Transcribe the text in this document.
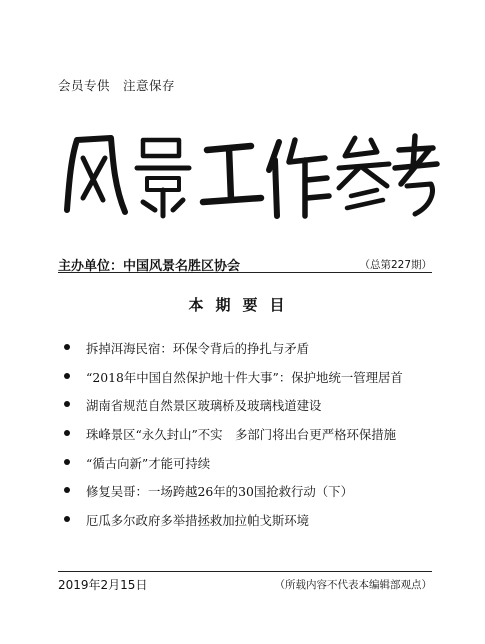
会员专供　注意保存
主办单位：中国风景名胜区协会	（总第227期）
本期要目
拆掉洱海民宿：环保令背后的挣扎与矛盾
“2018年中国自然保护地十件大事”：保护地统一管理居首
湖南省规范自然景区玻璃桥及玻璃栈道建设
珠峰景区“永久封山”不实　多部门将出台更严格环保措施
“循古向新”才能可持续
修复吴哥：一场跨越26年的30国抢救行动（下）
厄瓜多尔政府多举措拯救加拉帕戈斯环境
2019年2月15日	（所载内容不代表本编辑部观点）
